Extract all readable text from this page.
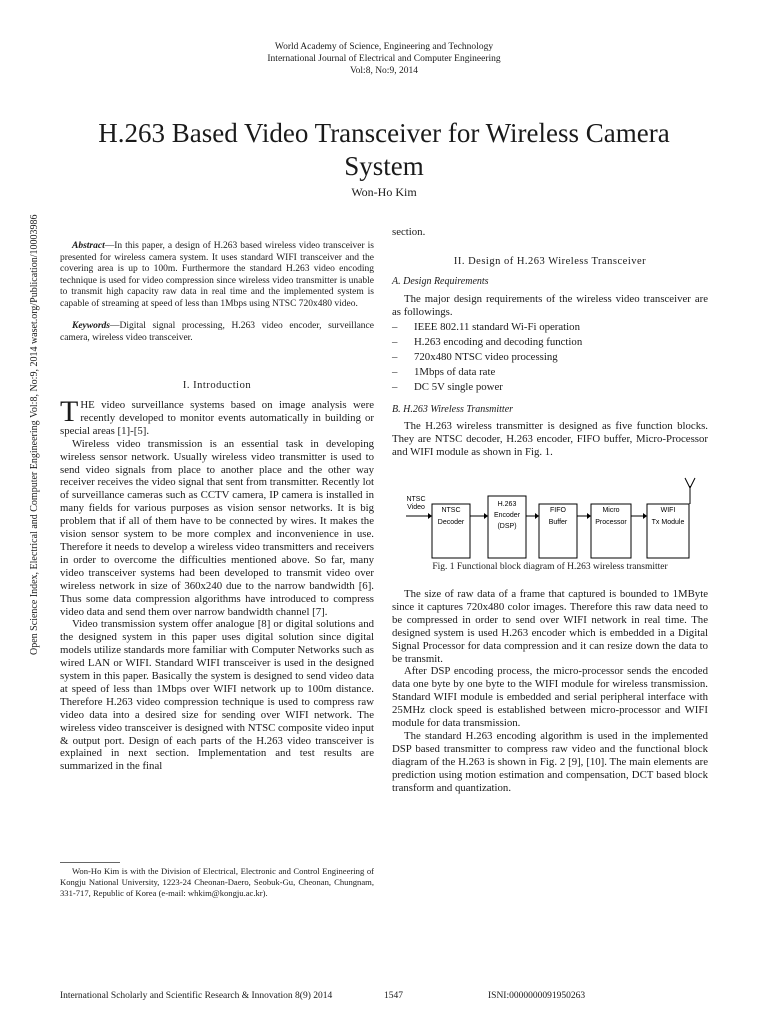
World Academy of Science, Engineering and Technology
International Journal of Electrical and Computer Engineering
Vol:8, No:9, 2014
H.263 Based Video Transceiver for Wireless Camera
System
Won-Ho Kim
Open Science Index, Electrical and Computer Engineering Vol:8, No:9, 2014 waset.org/Publication/10003986	Abstract—In this paper, a design of H.263 based wireless video transceiver is presented for wireless camera system. It uses standard WIFI transceiver and the covering area is up to 100m. Furthermore the standard H.263 video encoding technique is used for video compression since wireless video transmitter is unable to transmit high capacity raw data in real time and the implemented system is capable of streaming at speed of less than 1Mbps using NTSC 720x480 video.

Keywords—Digital signal processing, H.263 video encoder, surveillance camera, wireless video transceiver.

I. Introduction

THE video surveillance systems based on image analysis were recently developed to monitor events automatically in building or special areas [1]-[5].

Wireless video transmission is an essential task in developing wireless sensor network. Usually wireless video transmitter is used to send video signals from place to another place and the other way receiver receives the video signal that sent from transmitter. Recently lot of surveillance cameras such as CCTV camera, IP camera is installed in many fields for various purposes as vision sensor networks. It is big problem that if all of them have to be connected by wires. It makes the vision sensor system to be more complex and inconvenience in use. Therefore it needs to develop a wireless video transmitters and receivers in order to overcome the difficulties mentioned above. So far, many video transceiver systems had been developed to transmit video over wireless network in size of 360x240 due to the narrow bandwidth [6]. Thus some data compression algorithms have introduced to compress video data and send them over narrow bandwidth channel [7].

Video transmission system offer analogue [8] or digital solutions and the designed system in this paper uses digital solution since digital models utilize standards more familiar with Computer Networks such as wired LAN or WIFI. Standard WIFI transceiver is used in the designed system in this paper. Basically the system is designed to send video data at speed of less than 1Mbps over WIFI network up to 100m distance. Therefore H.263 video compression technique is used to compress raw video data into a desired size for sending over WIFI network. The wireless video transceiver is designed with NTSC composite video input & output port. Design of each parts of the H.263 video transceiver is explained in next section. Implementation and test results are summarized in the final

Won-Ho Kim is with the Division of Electrical, Electronic and Control Engineering of Kongju National University, 1223-24 Cheonan-Daero, Seobuk-Gu, Cheonan, Chungnam, 331-717, Republic of Korea (e-mail: whkim@kongju.ac.kr).

section.
II. Design of H.263 Wireless Transceiver
A. Design Requirements

The major design requirements of the wireless video transceiver are as followings.

– IEEE 802.11 standard Wi-Fi operation
– H.263 encoding and decoding function
– 720x480 NTSC video processing
– 1Mbps of data rate
– DC 5V single power
B. H.263 Wireless Transmitter

The H.263 wireless transmitter is designed as five function blocks. They are NTSC decoder, H.263 encoder, FIFO buffer, Micro-Processor and WIFI module as shown in Fig. 1.

NTSC
Video NTSC
Decoder
H.263
Encoder
(DSP)
FIFO
Buffer
Micro
Processor
WIFI
Tx Module
Fig. 1 Functional block diagram of H.263 wireless transmitter

The size of raw data of a frame that captured is bounded to 1MByte since it captures 720x480 color images. Therefore this raw data need to be compressed in order to send over WIFI network in real time. The designed system is used H.263 encoder which is embedded in a Digital Signal Processor for data compression and it can resize down the data to be transmit.

After DSP encoding process, the micro-processor sends the encoded data one byte by one byte to the WIFI module for wireless transmission. Standard WIFI module is embedded and serial peripheral interface with 25MHz clock speed is established between micro-processor and WIFI module for data transmission.

The standard H.263 encoding algorithm is used in the implemented DSP based transmitter to compress raw video and the functional block diagram of the H.263 is shown in Fig. 2 [9], [10]. The main elements are prediction using motion estimation and compensation, DCT based block transform and quantization.

International Scholarly and Scientific Research & Innovation 8(9) 2014	1547	ISNI:0000000091950263
